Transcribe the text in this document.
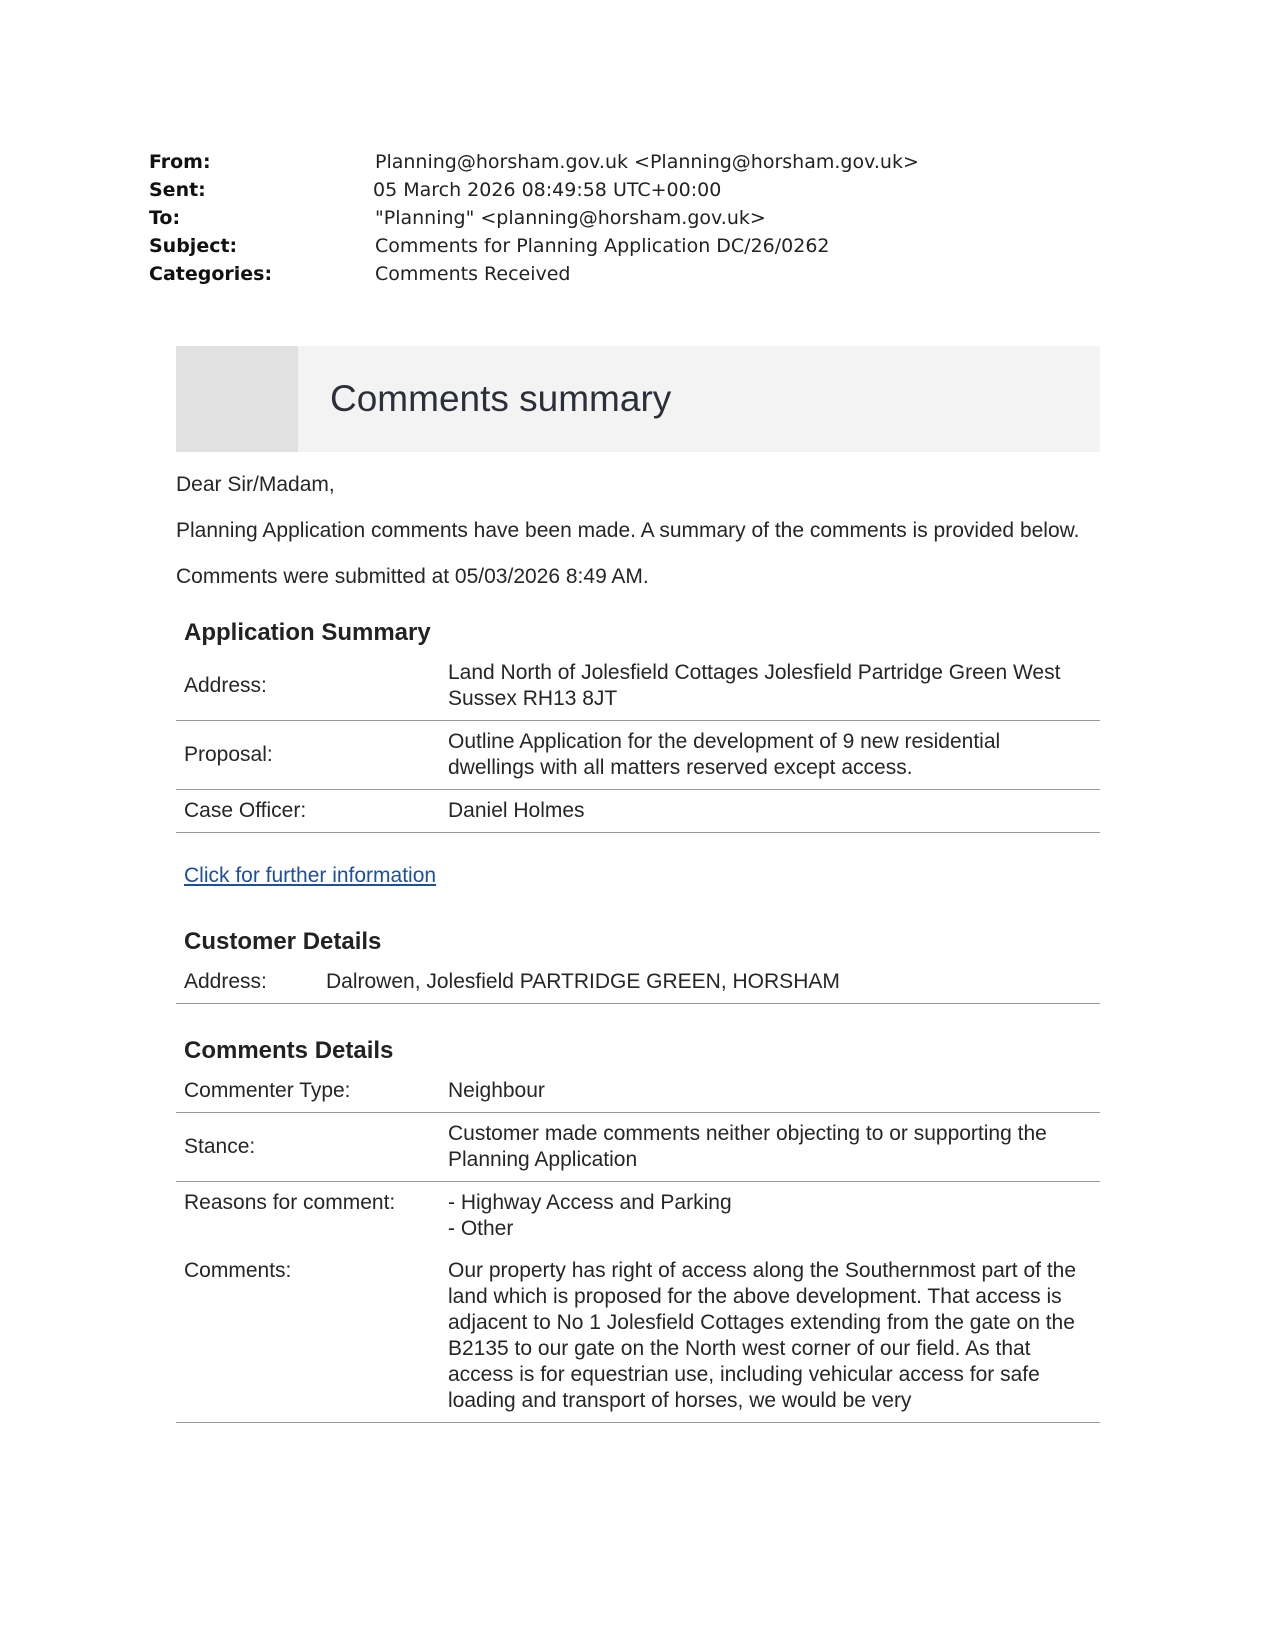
From:	Planning@horsham.gov.uk <Planning@horsham.gov.uk>
Sent:	05 March 2026 08:49:58 UTC+00:00
To:	"Planning" <planning@horsham.gov.uk>
Subject:	Comments for Planning Application DC/26/0262
Categories:	Comments Received
Comments summary

Dear Sir/Madam,

Planning Application comments have been made. A summary of the comments is provided below.

Comments were submitted at 05/03/2026 8:49 AM.

Application Summary
Address:	Land North of Jolesfield Cottages Jolesfield Partridge Green West Sussex RH13 8JT
Proposal:	Outline Application for the development of 9 new residential dwellings with all matters reserved except access.
Case Officer:	Daniel Holmes
Click for further information
Customer Details
Address:	Dalrowen, Jolesfield PARTRIDGE GREEN, HORSHAM
Comments Details
Commenter Type:	Neighbour
Stance:	Customer made comments neither objecting to or supporting the Planning Application
Reasons for comment:	- Highway Access and Parking
- Other

Comments:	Our property has right of access along the Southernmost part of the land which is proposed for the above development. That access is adjacent to No 1 Jolesfield Cottages extending from the gate on the B2135 to our gate on the North west corner of our field. As that access is for equestrian use, including vehicular access for safe loading and transport of horses, we would be very
